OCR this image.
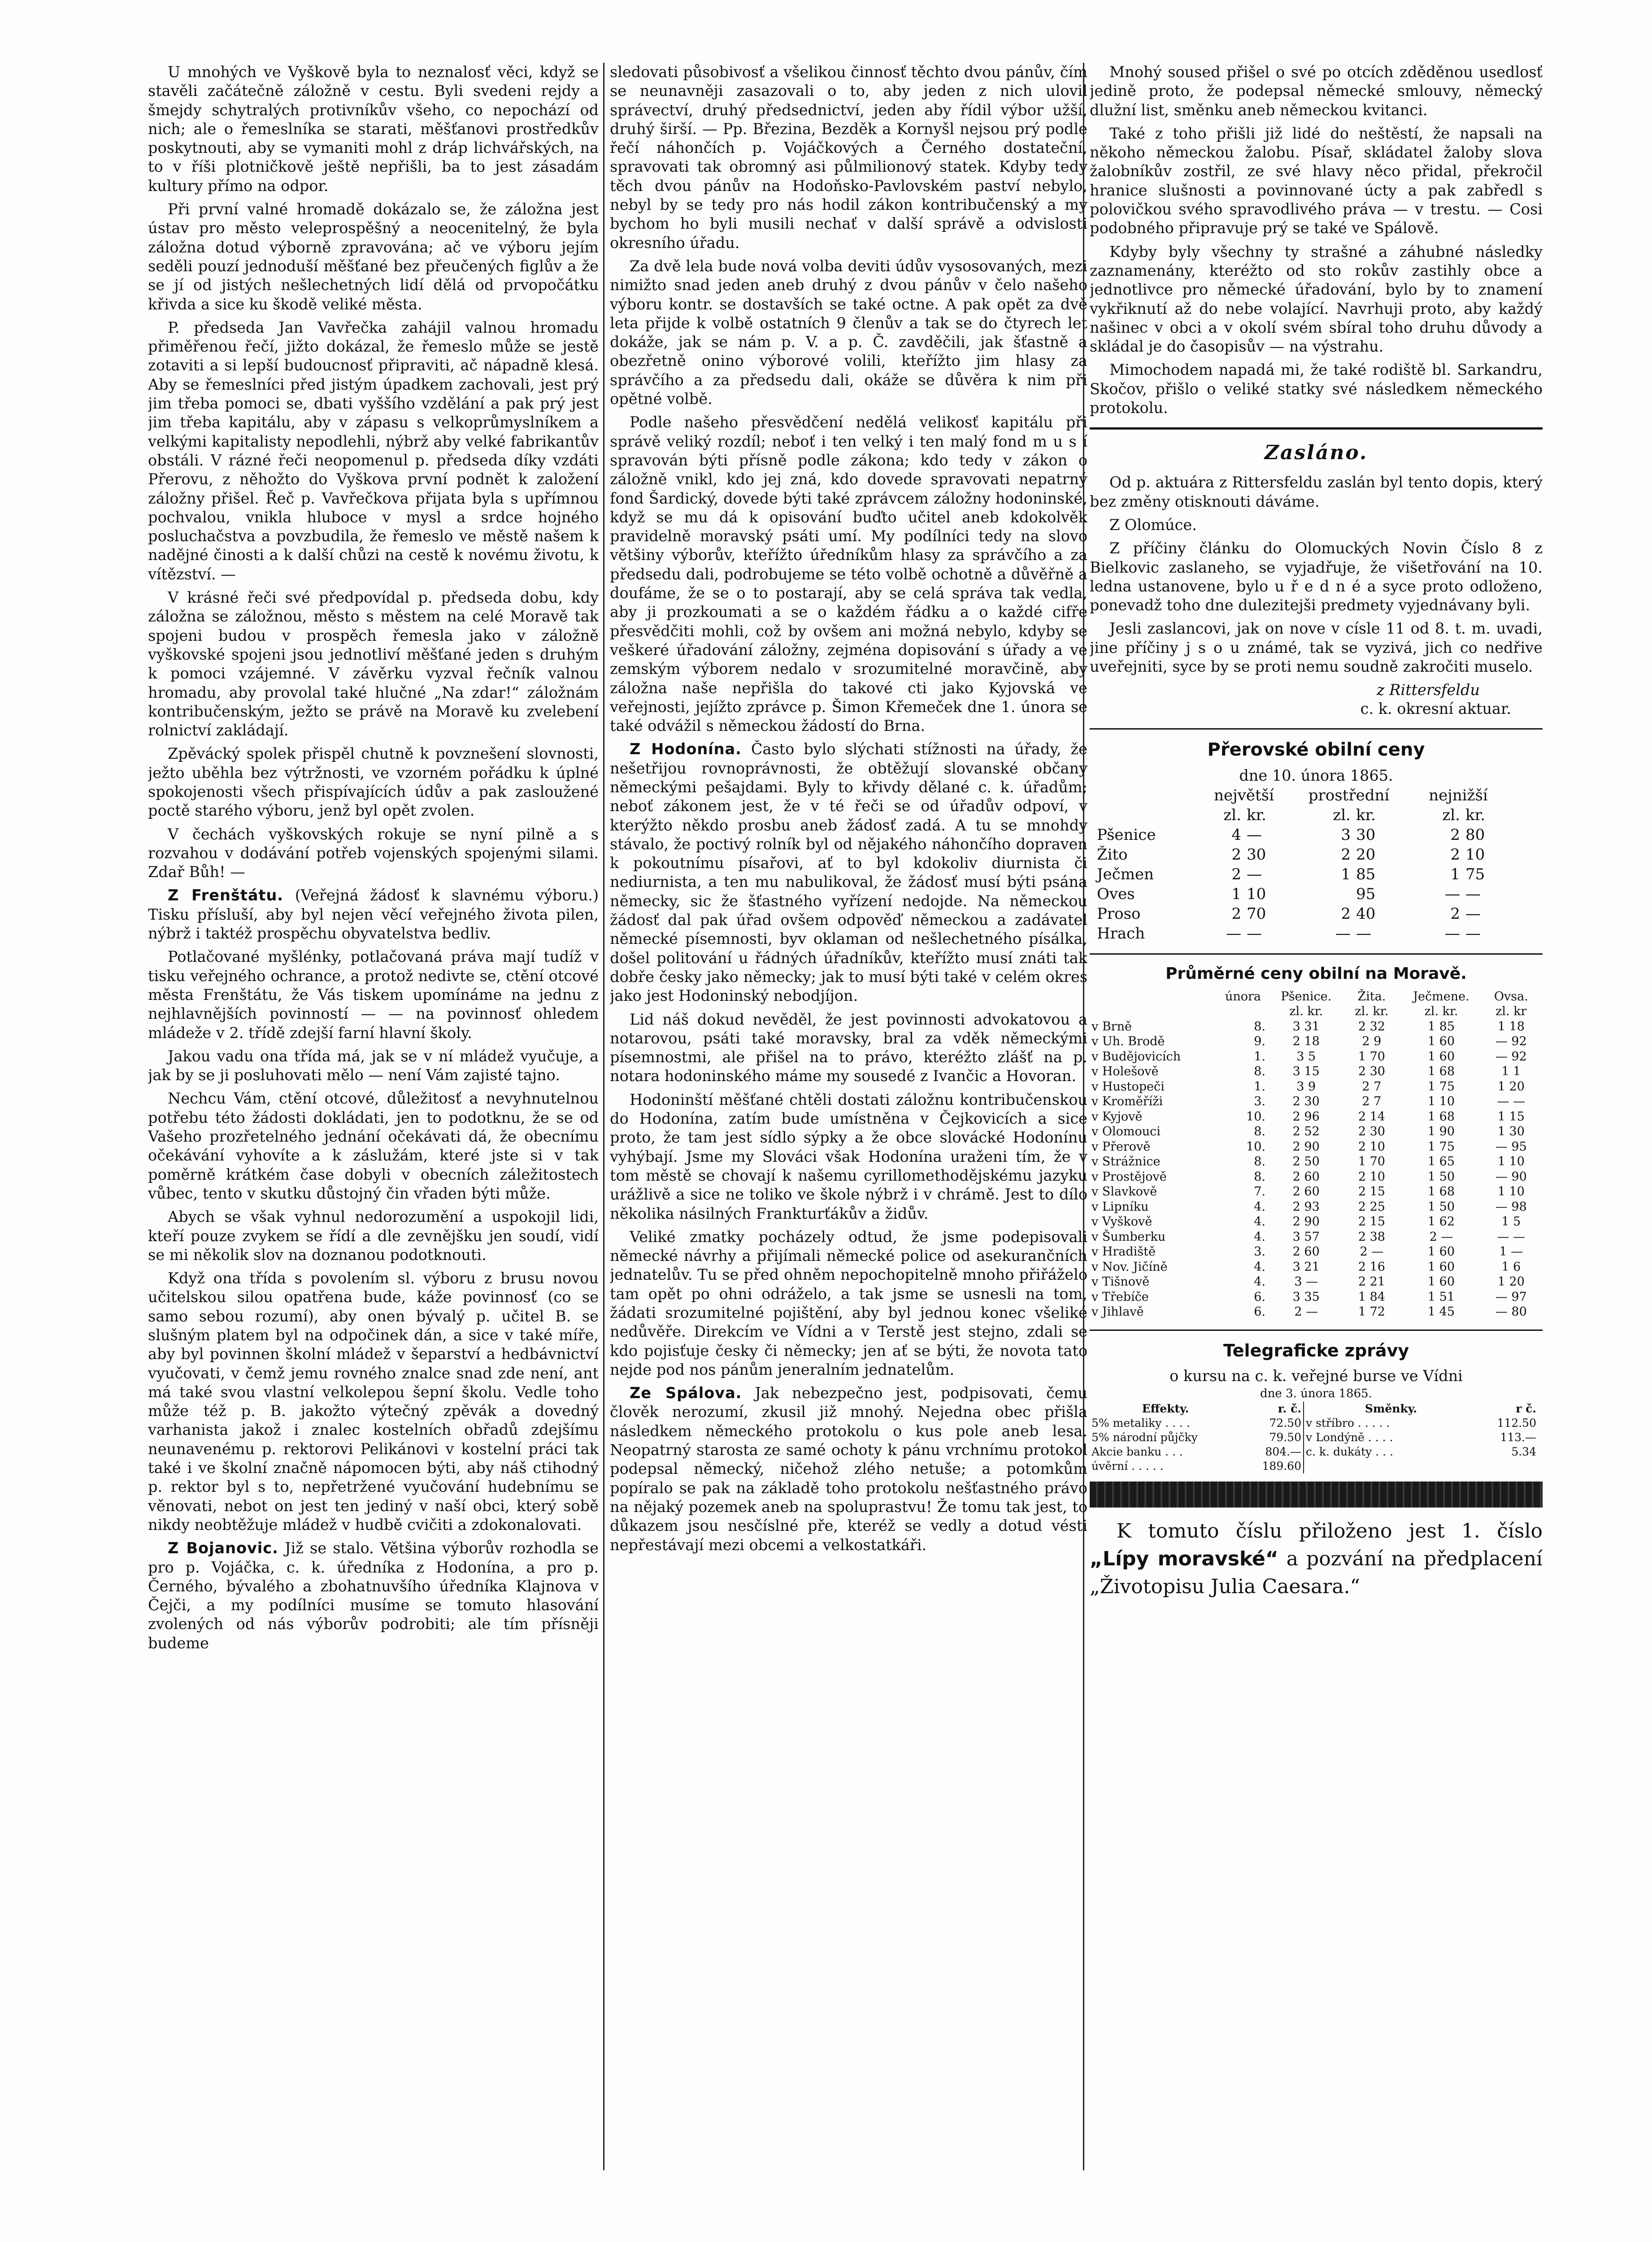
U mnohých ve Vyškově byla to neznalosť věci, když se stavěli začátečně záložně v cestu. Byli svedeni rejdy a šmejdy schytralých protivníkův všeho, co nepochází od nich; ale o řemeslníka se starati, měšťanovi prostředkův poskytnouti, aby se vymaniti mohl z dráp lichvářských, na to v říši plotničkově ještě nepřišli, ba to jest zásadám kultury přímo na odpor.

Při první valné hromadě dokázalo se, že záložna jest ústav pro město veleprospěšný a neocenitelný, že byla záložna dotud výborně zpravována; ač ve výboru jejím seděli pouzí jednoduší měšťané bez přeučených figlův a že se jí od jistých nešlechetných lidí dělá od prvopočátku křivda a sice ku škodě veliké města.

P. předseda Jan Vavřečka zahájil valnou hromadu přiměřenou řečí, jižto dokázal, že řemeslo může se jestě zotaviti a si lepší budoucnosť připraviti, ač nápadně klesá. Aby se řemeslníci před jistým úpadkem zachovali, jest prý jim třeba pomoci se, dbati vyššího vzdělání a pak prý jest jim třeba kapitálu, aby v zápasu s velkoprůmyslníkem a velkými kapitalisty nepodlehli, nýbrž aby velké fabrikantův obstáli. V rázné řeči neopomenul p. předseda díky vzdáti Přerovu, z něhožto do Vyškova první podnět k založení záložny přišel. Řeč p. Vavřečkova přijata byla s upřímnou pochvalou, vnikla hluboce v mysl a srdce hojného posluchačstva a povzbudila, že řemeslo ve městě našem k nadějné činosti a k další chůzi na cestě k novému životu, k vítězství. —

V krásné řeči své předpovídal p. předseda dobu, kdy záložna se záložnou, město s městem na celé Moravě tak spojeni budou v prospěch řemesla jako v záložně vyškovské spojeni jsou jednotliví měšťané jeden s druhým k pomoci vzájemné. V závěrku vyzval řečník valnou hromadu, aby provolal také hlučné „Na zdar!“ záložnám kontribučenským, ježto se právě na Moravě ku zvelebení rolnictví zakládají.

Zpěvácký spolek přispěl chutně k povznešení slovnosti, ježto uběhla bez výtržnosti, ve vzorném pořádku k úplné spokojenosti všech přispívajících údův a pak zasloužené poctě starého výboru, jenž byl opět zvolen.

V čechách vyškovských rokuje se nyní pilně a s rozvahou v dodávání potřeb vojenských spojenými silami. Zdař Bůh! —

Z Frenštátu. (Veřejná žádosť k slavnému výboru.) Tisku přísluší, aby byl nejen věcí veřejného života pilen, nýbrž i taktéž prospěchu obyvatelstva bedliv.

Potlačované myšlénky, potlačovaná práva mají tudíž v tisku veřejného ochrance, a protož nedivte se, ctění otcové města Frenštátu, že Vás tiskem upomínáme na jednu z nejhlavnějších povinností — — na povinnosť ohledem mládeže v 2. třídě zdejší farní hlavní školy.

Jakou vadu ona třída má, jak se v ní mládež vyučuje, a jak by se ji posluhovati mělo — není Vám zajisté tajno.

Nechcu Vám, ctění otcové, důležitosť a nevyhnutelnou potřebu této žádosti dokládati, jen to podotknu, že se od Vašeho prozřetelného jednání očekávati dá, že obecnímu očekávání vyhovíte a k záslužám, které jste si v tak poměrně krátkém čase dobyli v obecních záležitostech vůbec, tento v skutku důstojný čin vřaden býti může.

Abych se však vyhnul nedorozumění a uspokojil lidi, kteří pouze zvykem se řídí a dle zevnějšku jen soudí, vidí se mi několik slov na doznanou podotknouti.

Když ona třída s povolením sl. výboru z brusu novou učitelskou silou opatřena bude, káže povinnosť (co se samo sebou rozumí), aby onen bývalý p. učitel B. se slušným platem byl na odpočinek dán, a sice v také míře, aby byl povinnen školní mládež v šeparství a hedbávnictví vyučovati, v čemž jemu rovného znalce snad zde není, ant má také svou vlastní velkolepou šepní školu. Vedle toho může též p. B. jakožto výtečný zpěvák a dovedný varhanista jakož i znalec kostelních obřadů zdejšímu neunavenému p. rektorovi Pelikánovi v kostelní práci tak také i ve školní značně nápomocen býti, aby náš ctihodný p. rektor byl s to, nepřetržené vyučování hudebnímu se věnovati, nebot on jest ten jediný v naší obci, který sobě nikdy neobtěžuje mládež v hudbě cvičiti a zdokonalovati.

Z Bojanovic. Již se stalo. Většina výborův rozhodla se pro p. Vojáčka, c. k. úředníka z Hodonína, a pro p. Černého, bývalého a zbohatnuvšího úředníka Klajnova v Čejči, a my podílníci musíme se tomuto hlasování zvolených od nás výborův podrobiti; ale tím přísněji budeme

sledovati působivosť a všelikou činnosť těchto dvou pánův, čím se neunavněji zasazovali o to, aby jeden z nich ulovil správectví, druhý předsednictví, jeden aby řídil výbor užší, druhý širší. — Pp. Březina, Bezděk a Kornyšl nejsou prý podle řečí náhončích p. Vojáčkových a Černého dostateční, spravovati tak obromný asi půlmilionový statek. Kdyby tedy těch dvou pánův na Hodoňsko-Pavlovském paství nebylo, nebyl by se tedy pro nás hodil zákon kontribučenský a my bychom ho byli musili nechať v další správě a odvislosti okresního úřadu.

Za dvě lela bude nová volba deviti údův vysosovaných, mezi nimižto snad jeden aneb druhý z dvou pánův v čelo našeho výboru kontr. se dostavších se také octne. A pak opět za dvě leta přijde k volbě ostatních 9 členův a tak se do čtyrech let dokáže, jak se nám p. V. a p. Č. zavděčili, jak šťastně a obezřetně onino výborové volili, kteřížto jim hlasy za správčího a za předsedu dali, okáže se důvěra k nim při opětné volbě.

Podle našeho přesvědčení nedělá velikosť kapitálu při správě veliký rozdíl; neboť i ten velký i ten malý fond m u s í spravován býti přísně podle zákona; kdo tedy v zákon o záložně vnikl, kdo jej zná, kdo dovede spravovati nepatrný fond Šardický, dovede býti také zprávcem záložny hodoninské, když se mu dá k opisování buďto učitel aneb kdokolvěk pravidelně moravský psáti umí. My podílníci tedy na slovo většiny výborův, kteřížto úředníkům hlasy za správčího a za předsedu dali, podrobujeme se této volbě ochotně a důvěřně a doufáme, že se o to postarají, aby se celá správa tak vedla, aby ji prozkoumati a se o každém řádku a o každé cifře přesvědčiti mohli, což by ovšem ani možná nebylo, kdyby se veškeré úřadování záložny, zejména dopisování s úřady a ve zemským výborem nedalo v srozumitelné moravčině, aby záložna naše nepřišla do takové cti jako Kyjovská ve veřejnosti, jejížto zprávce p. Šimon Křemeček dne 1. února se také odvážil s německou žádostí do Brna.

Z Hodonína. Často bylo slýchati stížnosti na úřady, že nešetřijou rovnoprávnosti, že obtěžují slovanské občany německými pešajdami. Byly to křivdy dělané c. k. úřadům; neboť zákonem jest, že v té řeči se od úřadův odpoví, v kterýžto někdo prosbu aneb žádosť zadá. A tu se mnohdy stávalo, že poctivý rolník byl od nějakého náhončího dopraven k pokoutnímu písařovi, ať to byl kdokoliv diurnista či nediurnista, a ten mu nabulikoval, že žádosť musí býti psána německy, sic že šťastného vyřízení nedojde. Na německou žádosť dal pak úřad ovšem odpověď německou a zadávatel německé písemnosti, byv oklaman od nešlechetného písálka, došel politování u řádných úřadníkův, kteřížto musí znáti tak dobře česky jako německy; jak to musí býti také v celém okres jako jest Hodoninský nebodjíjon.

Lid náš dokud nevěděl, že jest povinnosti advokatovou a notarovou, psáti také moravsky, bral za vděk německými písemnostmi, ale přišel na to právo, kteréžto zlášť na p. notara hodoninského máme my sousedé z Ivančic a Hovoran.

Hodoninští měšťané chtěli dostati záložnu kontribučenskou do Hodonína, zatím bude umístněna v Čejkovicích a sice proto, že tam jest sídlo sýpky a že obce slovácké Hodonínu vyhýbají. Jsme my Slováci však Hodonína uraženi tím, že v tom městě se chovají k našemu cyrillomethodějskému jazyku urážlivě a sice ne toliko ve škole nýbrž i v chrámě. Jest to dílo několika násilných Frankturťákův a židův.

Veliké zmatky pocházely odtud, že jsme podepisovali německé návrhy a přijímali německé police od asekurančních jednatelův. Tu se před ohněm nepochopitelně mnoho přiřáželo tam opět po ohni odráželo, a tak jsme se usnesli na tom, žádati srozumitelné pojištění, aby byl jednou konec všeliké nedůvěře. Direkcím ve Vídni a v Terstě jest stejno, zdali se kdo pojisťuje česky či německy; jen ať se býti, že novota tato nejde pod nos pánům jeneralním jednatelům.

Ze Spálova. Jak nebezpečno jest, podpisovati, čemu člověk nerozumí, zkusil již mnohý. Nejedna obec přišla následkem německého protokolu o kus pole aneb lesa. Neopatrný starosta ze samé ochoty k pánu vrchnímu protokol podepsal německý, ničehož zlého netuše; a potomkům popíralo se pak na základě toho protokolu nešťastného právo na nějaký pozemek aneb na spoluprastvu! Že tomu tak jest, to důkazem jsou nesčíslné pře, kteréž se vedly a dotud vésti nepřestávají mezi obcemi a velkostatkáři.

Mnohý soused přišel o své po otcích zděděnou usedlosť jedině proto, že podepsal německé smlouvy, německý dlužní list, směnku aneb německou kvitanci.

Také z toho přišli již lidé do neštěstí, že napsali na někoho německou žalobu. Písař, skládatel žaloby slova žalobníkův zostřil, ze své hlavy něco přidal, překročil hranice slušnosti a povinnované úcty a pak zabředl s polovičkou svého spravodlivého práva — v trestu. — Cosi podobného připravuje prý se také ve Spálově.

Kdyby byly všechny ty strašné a záhubné následky zaznamenány, kteréžto od sto rokův zastihly obce a jednotlivce pro německé úřadování, bylo by to znamení vykřiknutí až do nebe volající. Navrhuji proto, aby každý našinec v obci a v okolí svém sbíral toho druhu důvody a skládal je do časopisův — na výstrahu.

Mimochodem napadá mi, že také rodiště bl. Sarkandru, Skočov, přišlo o veliké statky své následkem německého protokolu.

Zasláno.

Od p. aktuára z Rittersfeldu zaslán byl tento dopis, který bez změny otisknouti dáváme.

Z Olomúce.

Z příčiny článku do Olomuckých Novin Číslo 8 z Bielkovic zaslaneho, se vyjadřuje, že višetřování na 10. ledna ustanovene, bylo u ř e d n é a syce proto odloženo, ponevadž toho dne dulezitejši predmety vyjednávany byli.

Jesli zaslancovi, jak on nove v císle 11 od 8. t. m. uvadi, jine příčiny j s o u známé, tak se vyzivá, jich co nedřive uveřejniti, syce by se proti nemu soudně zakročiti muselo.

z Rittersfeldu

c. k. okresní aktuar.

Přerovské obilní ceny
dne 10. února 1865.
	největší		prostřední		nejnižší	
	zl.	kr.	zl.	kr.	zl.	kr.
Pšenice	4	—	3	30	2	80
Žito	2	30	2	20	2	10
Ječmen	2	—	1	85	1	75
Oves	1	10		95	—	—
Proso	2	70	2	40	2	—
Hrach	—	—	—	—	—	—
Průměrné ceny obilní na Moravě.
	února	Pšenice.	Žita.	Ječmene.	Ovsa.
		zl. kr.	zl. kr.	zl. kr.	zl. kr
v Brně	8.	3 31	2 32	1 85	1 18
v Uh. Brodě	9.	2 18	2 9	1 60	— 92
v Budějovicích	1.	3 5	1 70	1 60	— 92
v Holešově	8.	3 15	2 30	1 68	1 1
v Hustopeči	1.	3 9	2 7	1 75	1 20
v Kroměříži	3.	2 30	2 7	1 10	— —
v Kyjově	10.	2 96	2 14	1 68	1 15
v Olomouci	8.	2 52	2 30	1 90	1 30
v Přerově	10.	2 90	2 10	1 75	— 95
v Strážnice	8.	2 50	1 70	1 65	1 10
v Prostějově	8.	2 60	2 10	1 50	— 90
v Slavkově	7.	2 60	2 15	1 68	1 10
v Lipníku	4.	2 93	2 25	1 50	— 98
v Vyškově	4.	2 90	2 15	1 62	1 5
v Šumberku	4.	3 57	2 38	2 —	— —
v Hradiště	3.	2 60	2 —	1 60	1 —
v Nov. Jičíně	4.	3 21	2 16	1 60	1 6
v Tišnově	4.	3 —	2 21	1 60	1 20
v Třebíče	6.	3 35	1 84	1 51	— 97
v Jihlavě	6.	2 —	1 72	1 45	— 80
Telegraficke zprávy
o kursu na c. k. veřejné burse ve Vídni
dne 3. února 1865.
Effekty.	r. č.	Směnky.	r č.
5% metaliky . . . .	72.50	v stříbro . . . . .	112.50
5% národní půjčky	79.50	v Londýně . . . .	113.—
Akcie banku . . .	804.—	c. k. dukáty . . .	5.34
úvěrní . . . . .	189.60		
K tomuto číslu přiloženo jest 1. číslo „Lípy moravské“ a pozvání na předplacení „Životopisu Julia Caesara.“
